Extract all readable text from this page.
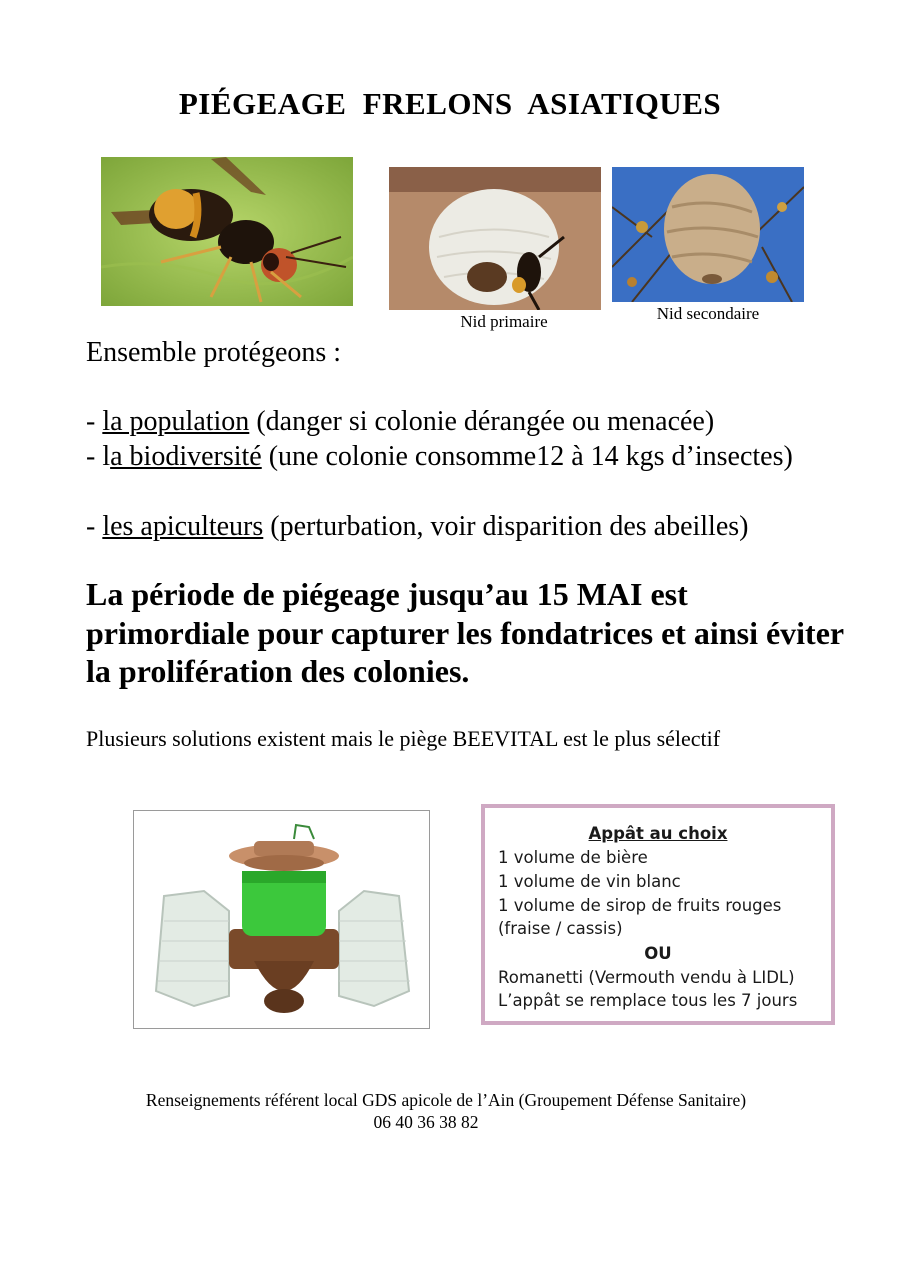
PIÉGEAGE FRELONS ASIATIQUES
Nid primaire	Nid secondaire
Ensemble protégeons :
- la population (danger si colonie dérangée ou menacée)
- la biodiversité (une colonie consomme12 à 14 kgs d’insectes)
- les apiculteurs (perturbation, voir disparition des abeilles)
La période de piégeage jusqu’au 15 MAI est primordiale pour capturer les fondatrices et ainsi éviter la prolifération des colonies.
Plusieurs solutions existent mais le piège BEEVITAL est le plus sélectif
Appât au choix
1 volume de bière
1 volume de vin blanc
1 volume de sirop de fruits rouges
(fraise / cassis)
OU
Romanetti (Vermouth vendu à LIDL)
L’appât se remplace tous les 7 jours
Renseignements référent local GDS apicole de l’Ain (Groupement Défense Sanitaire)
06 40 36 38 82
